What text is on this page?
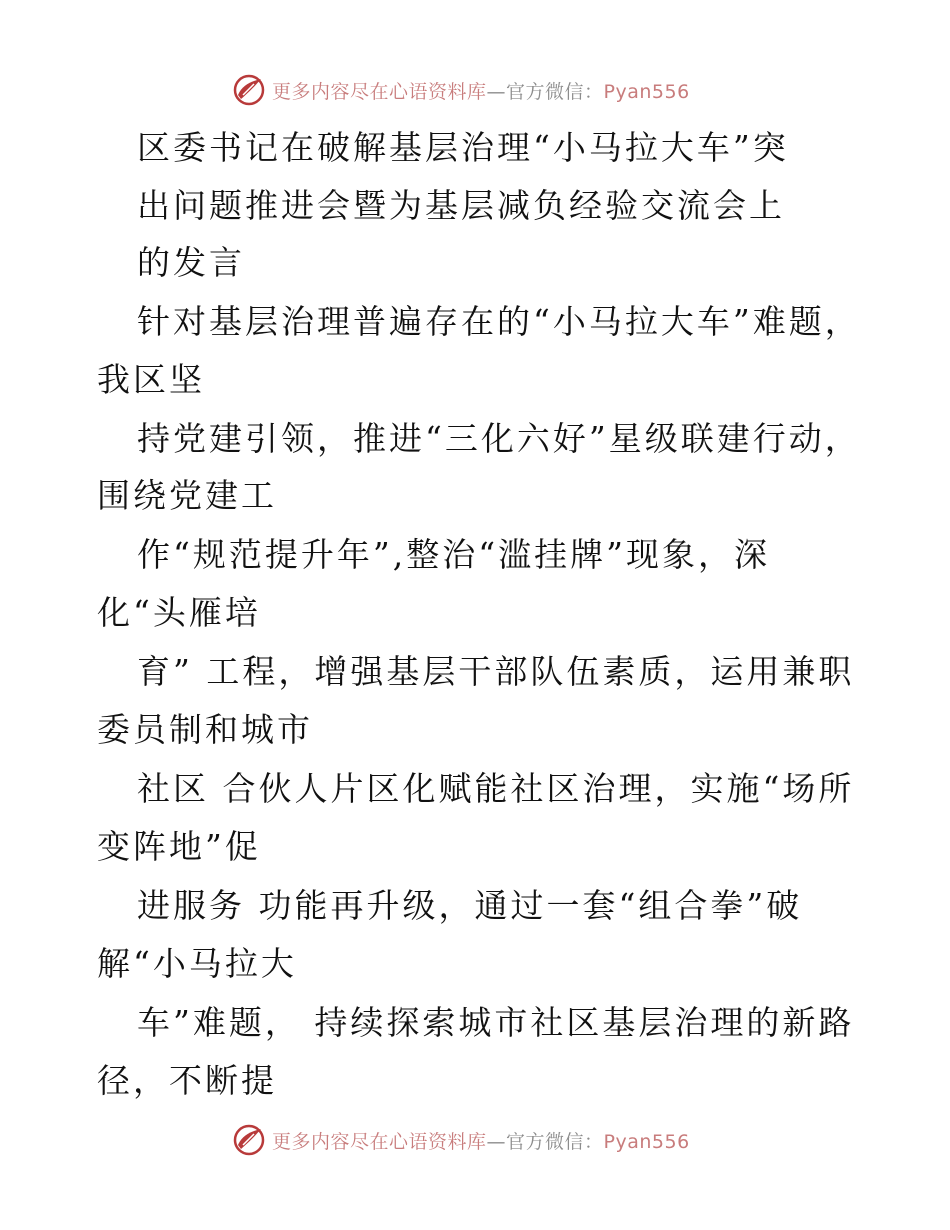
更多内容尽在心语资料库—官方微信：Pyan556
区委书记在破解基层治理“小马拉大车”突
出问题推进会暨为基层减负经验交流会上
的发言
针对基层治理普遍存在的“小马拉大车”难题，
我区坚
持党建引领，推进“三化六好”星级联建行动，
围绕党建工
作“规范提升年”,整治“滥挂牌”现象，深
化“头雁培
育” 工程，增强基层干部队伍素质，运用兼职
委员制和城市
社区 合伙人片区化赋能社区治理，实施“场所
变阵地”促
进服务 功能再升级，通过一套“组合拳”破
解“小马拉大
车”难题， 持续探索城市社区基层治理的新路
径，不断提
更多内容尽在心语资料库—官方微信：Pyan556
